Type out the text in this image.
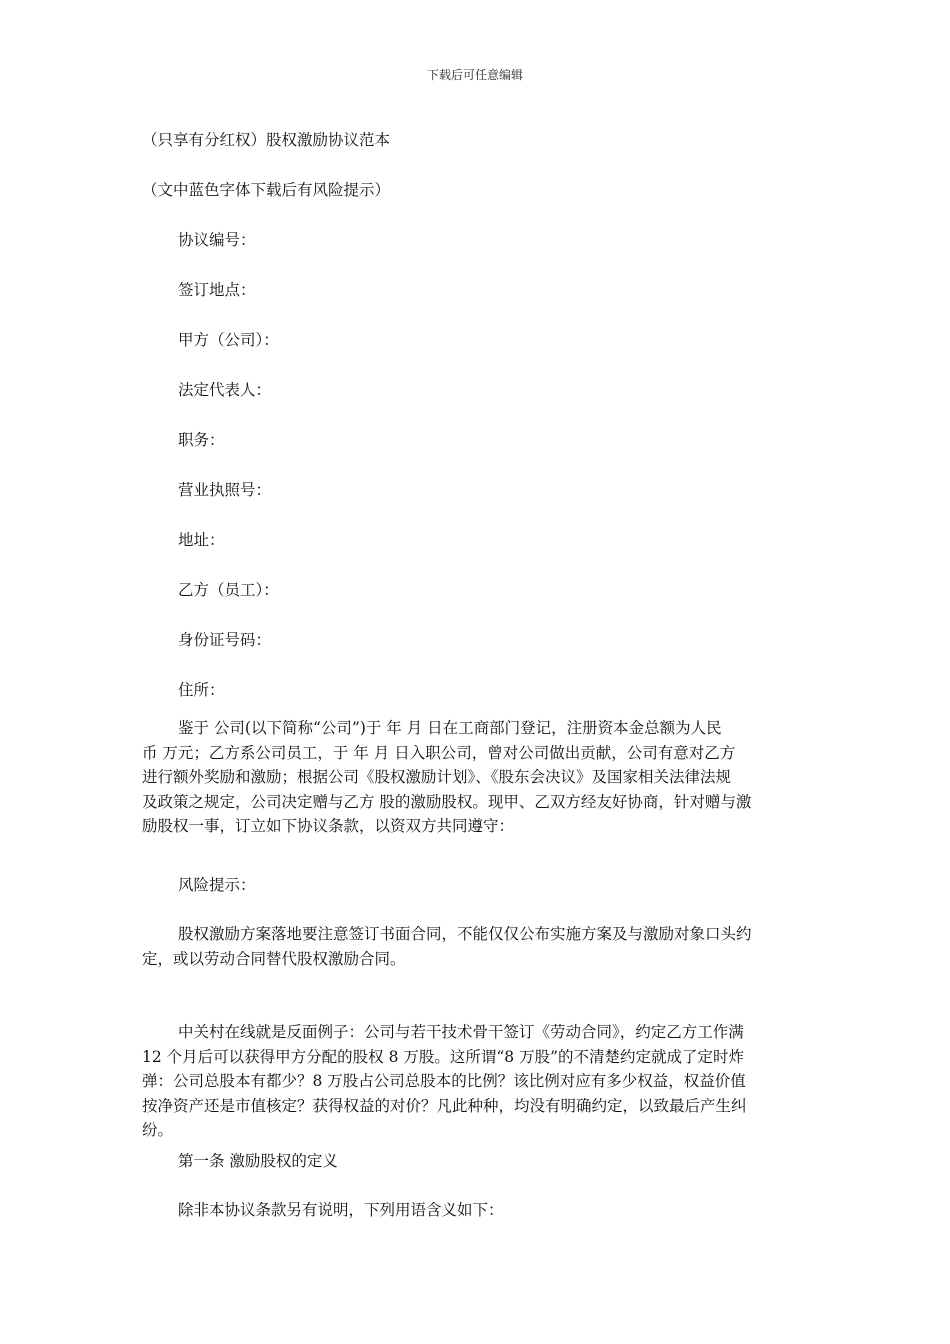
下载后可任意编辑

（只享有分红权）股权激励协议范本

（文中蓝色字体下载后有风险提示）

协议编号：

签订地点：

甲方（公司）：

法定代表人：

职务：

营业执照号：

地址：

乙方（员工）：

身份证号码：

住所：

鉴于 公司(以下简称“公司”)于 年 月 日在工商部门登记，注册资本金总额为人民
币 万元；乙方系公司员工，于 年 月 日入职公司，曾对公司做出贡献，公司有意对乙方
进行额外奖励和激励；根据公司《股权激励计划》、《股东会决议》及国家相关法律法规
及政策之规定，公司决定赠与乙方 股的激励股权。现甲、乙双方经友好协商，针对赠与激
励股权一事，订立如下协议条款，以资双方共同遵守：

风险提示：

股权激励方案落地要注意签订书面合同，不能仅仅公布实施方案及与激励对象口头约
定，或以劳动合同替代股权激励合同。
中关村在线就是反面例子：公司与若干技术骨干签订《劳动合同》，约定乙方工作满
12 个月后可以获得甲方分配的股权 8 万股。这所谓“8 万股”的不清楚约定就成了定时炸
弹：公司总股本有都少？8 万股占公司总股本的比例？该比例对应有多少权益，权益价值
按净资产还是市值核定？获得权益的对价？凡此种种，均没有明确约定，以致最后产生纠
纷。

第一条 激励股权的定义

除非本协议条款另有说明，下列用语含义如下：
